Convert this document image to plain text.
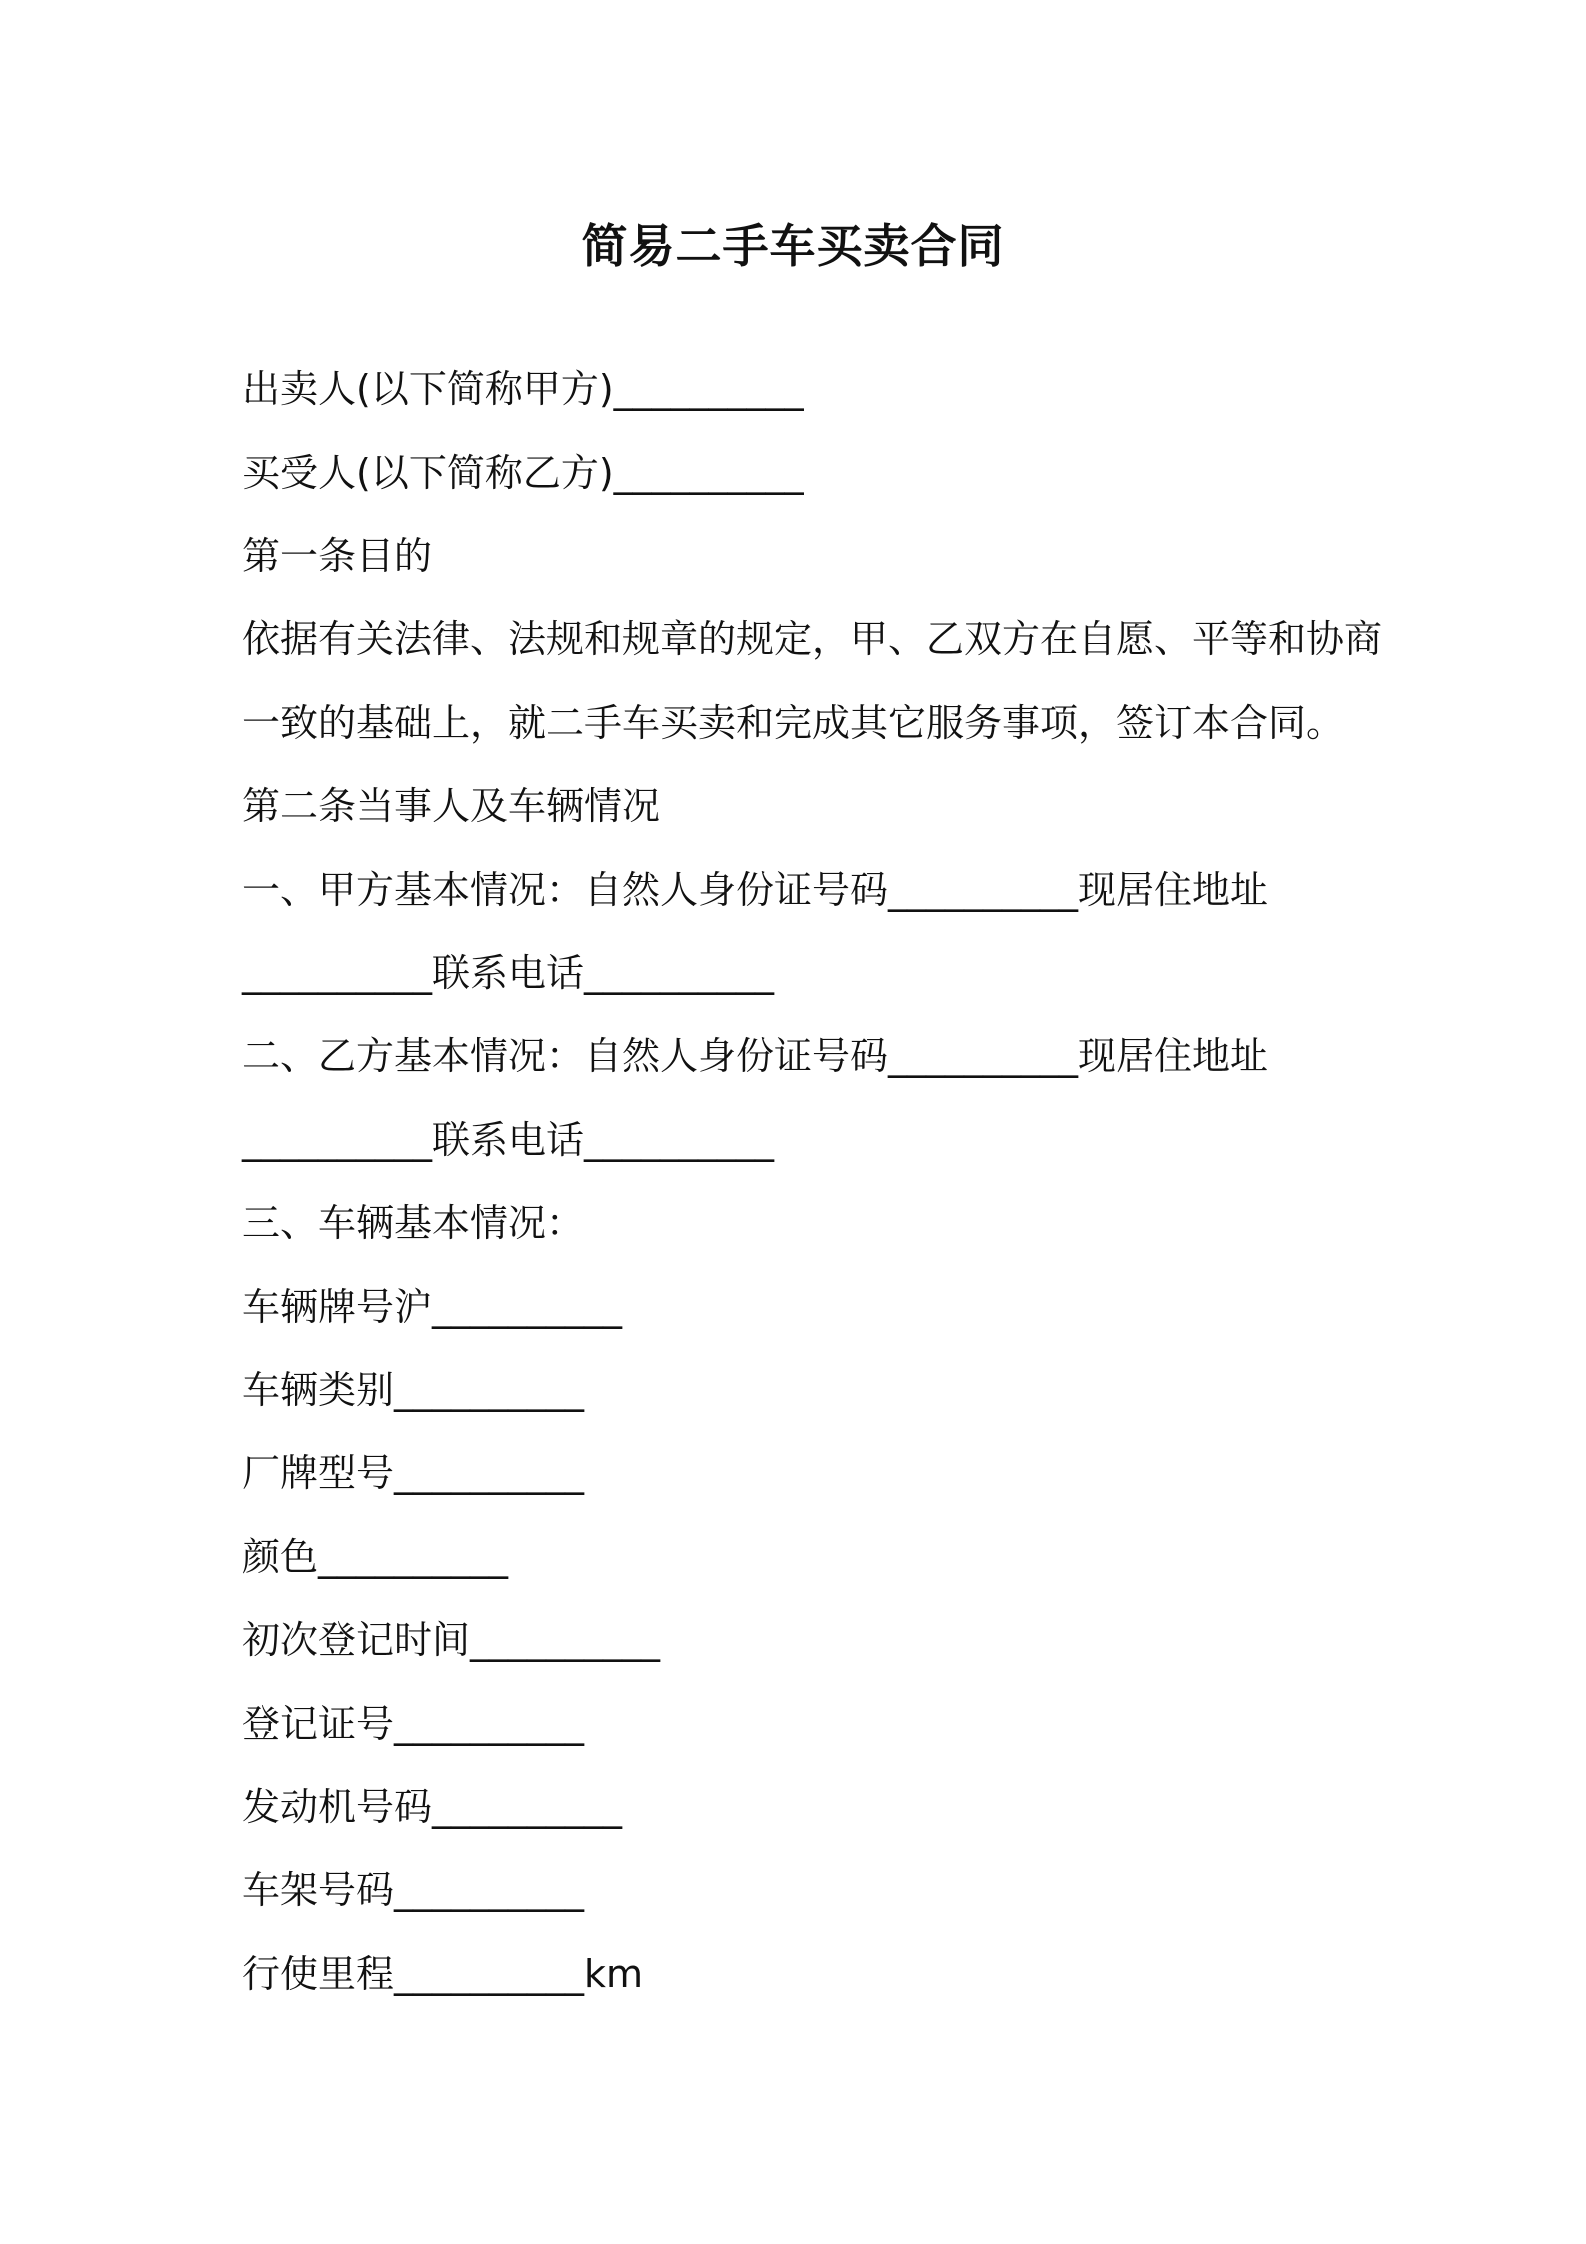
简易二手车买卖合同
出卖人(以下简称甲方)__________
买受人(以下简称乙方)__________
第一条目的
依据有关法律、法规和规章的规定，甲、乙双方在自愿、平等和协商
一致的基础上，就二手车买卖和完成其它服务事项，签订本合同。
第二条当事人及车辆情况
一、甲方基本情况：自然人身份证号码__________现居住地址
__________联系电话__________
二、乙方基本情况：自然人身份证号码__________现居住地址
__________联系电话__________
三、车辆基本情况：
车辆牌号沪__________
车辆类别__________
厂牌型号__________
颜色__________
初次登记时间__________
登记证号__________
发动机号码__________
车架号码__________
行使里程__________km
